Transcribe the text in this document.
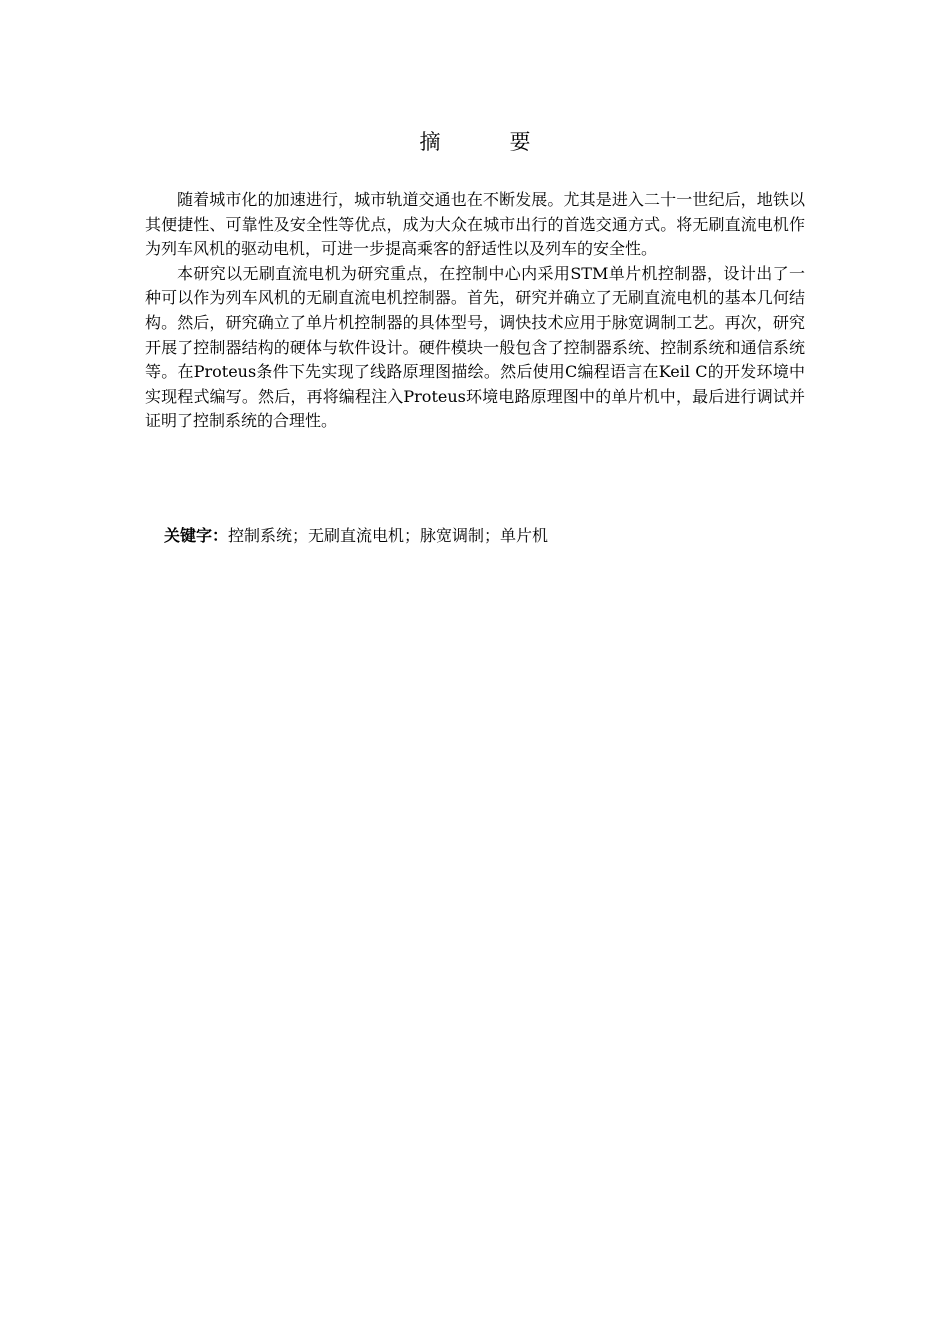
摘　要

随着城市化的加速进行，城市轨道交通也在不断发展。尤其是进入二十一世纪后，地铁以其便捷性、可靠性及安全性等优点，成为大众在城市出行的首选交通方式。将无刷直流电机作为列车风机的驱动电机，可进一步提高乘客的舒适性以及列车的安全性。

本研究以无刷直流电机为研究重点，在控制中心内采用STM单片机控制器，设计出了一种可以作为列车风机的无刷直流电机控制器。首先，研究并确立了无刷直流电机的基本几何结构。然后，研究确立了单片机控制器的具体型号，调快技术应用于脉宽调制工艺。再次，研究开展了控制器结构的硬体与软件设计。硬件模块一般包含了控制器系统、控制系统和通信系统等。在Proteus条件下先实现了线路原理图描绘。然后使用C编程语言在Keil C的开发环境中实现程式编写。然后，再将编程注入Proteus环境电路原理图中的单片机中，最后进行调试并证明了控制系统的合理性。

关键字：控制系统；无刷直流电机；脉宽调制；单片机
